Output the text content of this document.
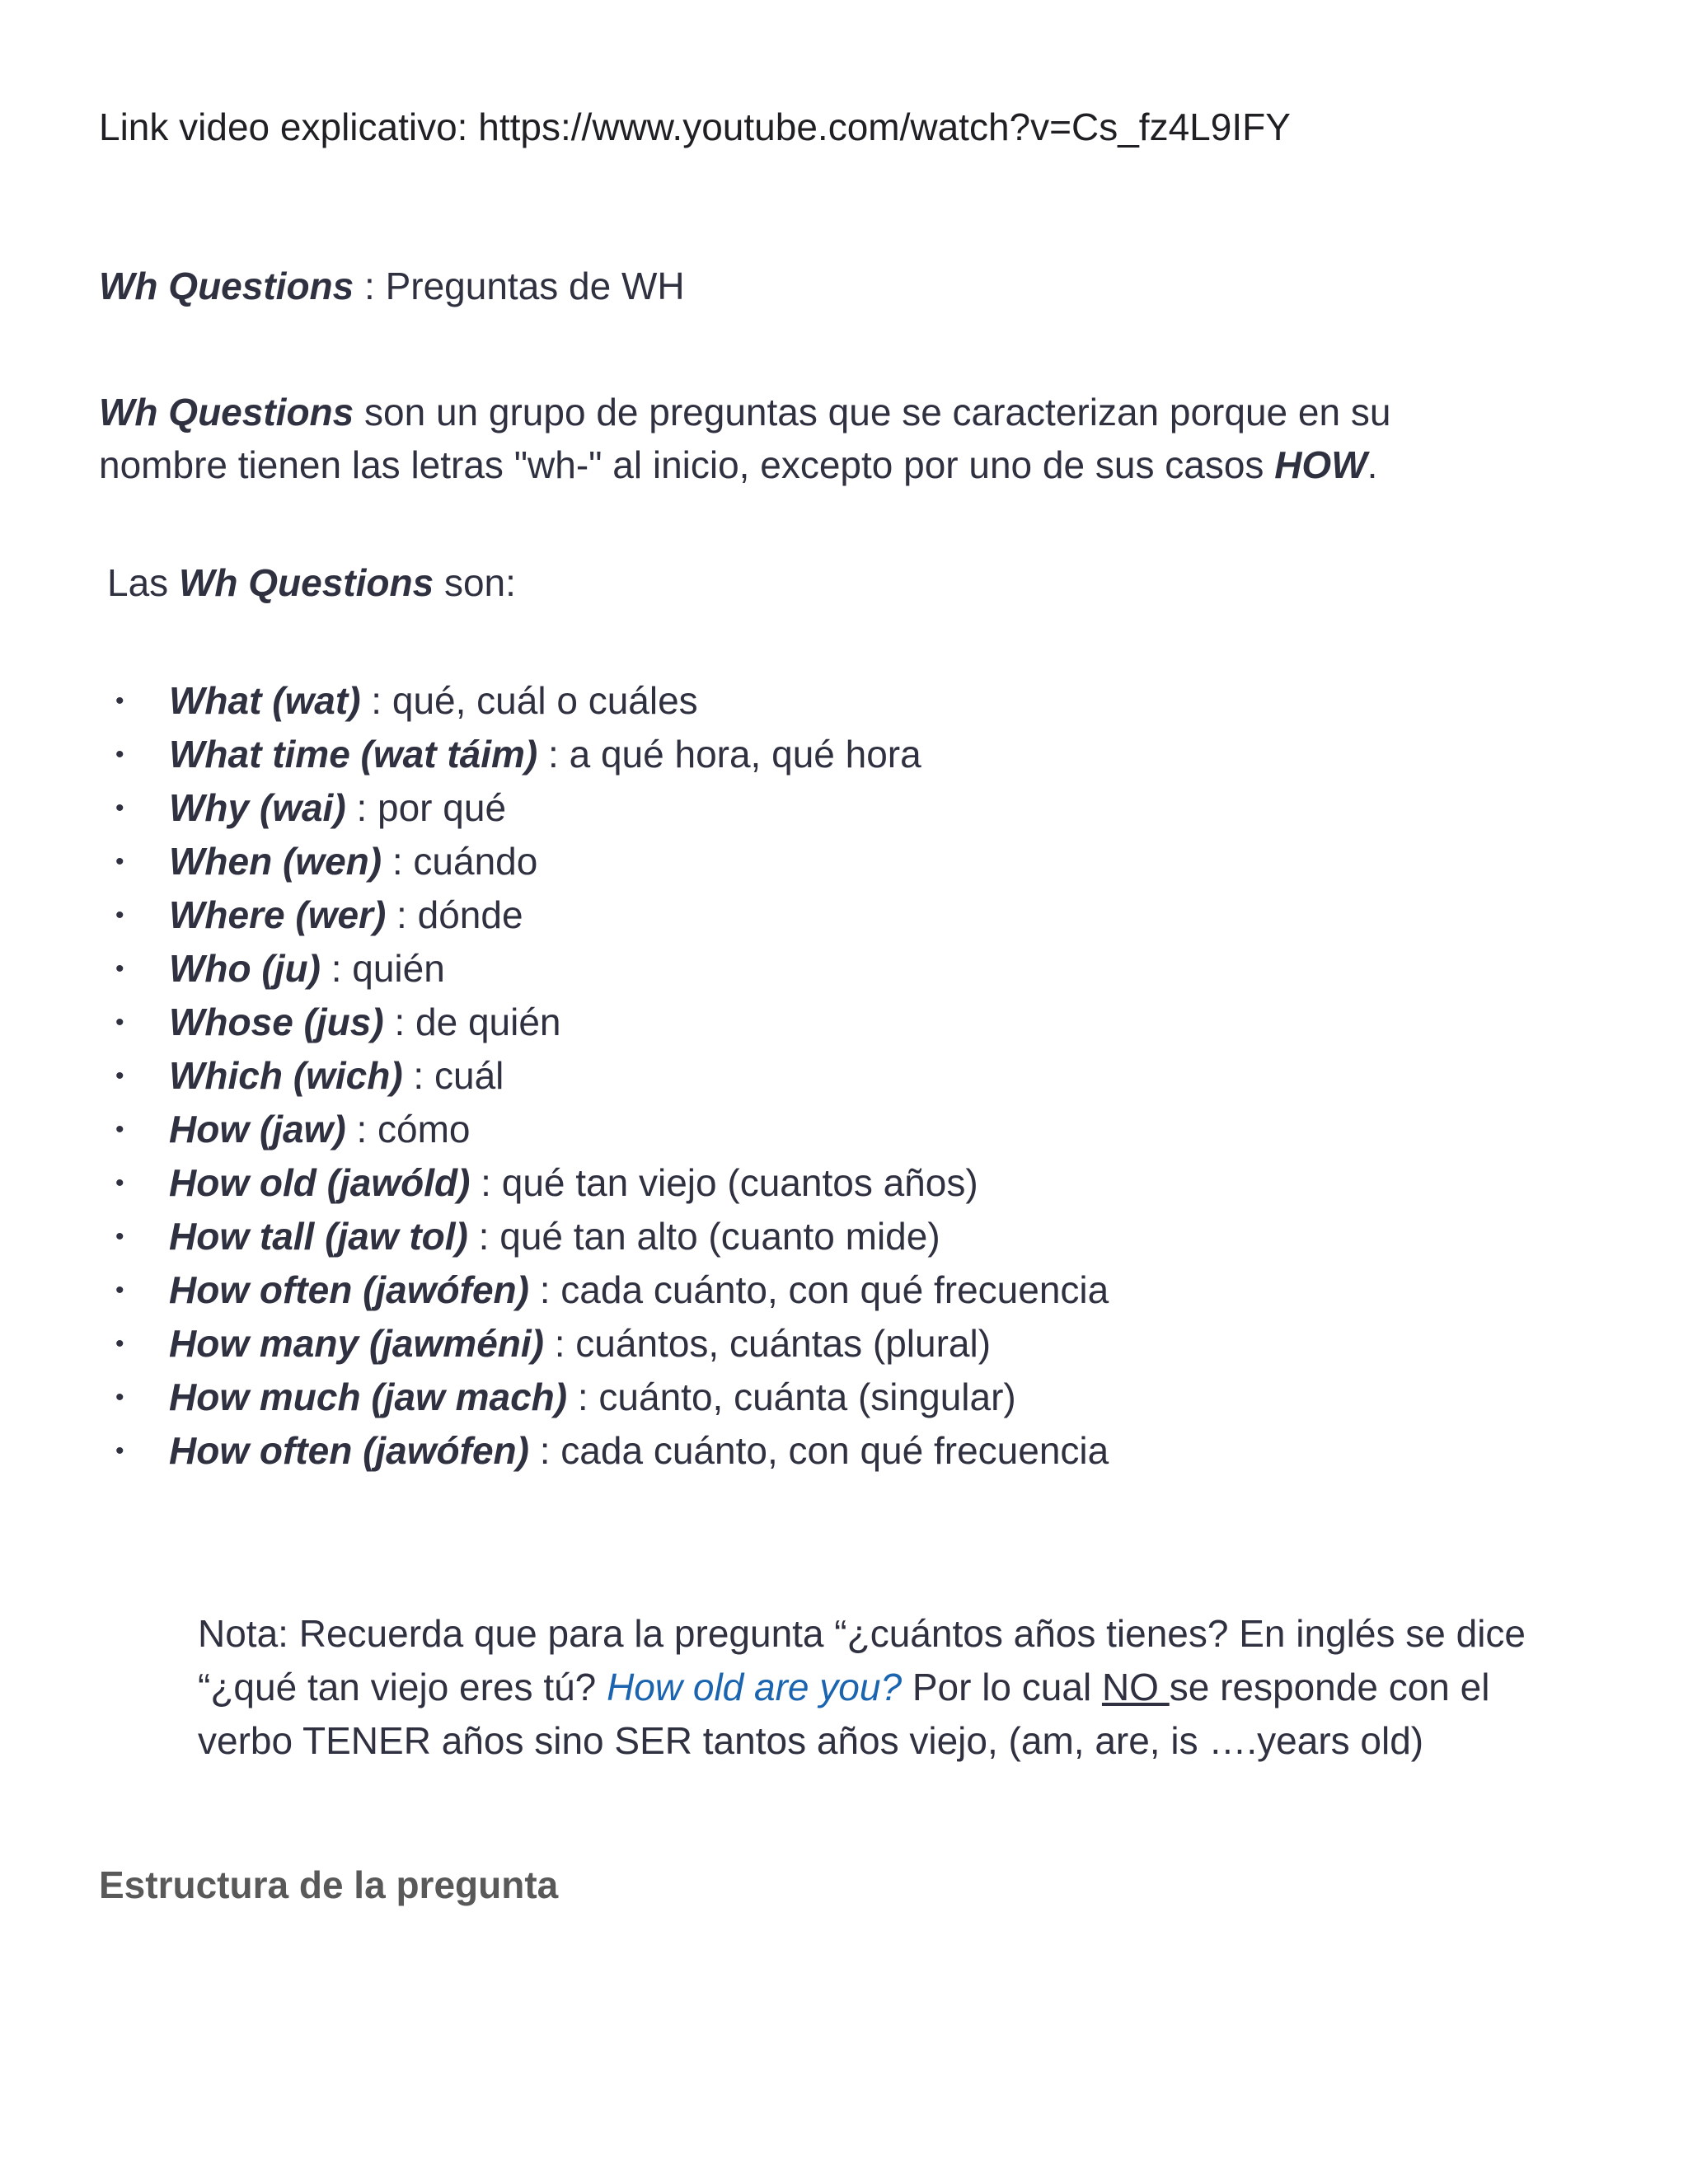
Link video explicativo: https://www.youtube.com/watch?v=Cs_fz4L9IFY
Wh Questions : Preguntas de WH
Wh Questions son un grupo de preguntas que se caracterizan porque en su
nombre tienen las letras "wh-" al inicio, excepto por uno de sus casos HOW.
Las Wh Questions son:
• What (wat) : qué, cuál o cuáles
• What time (wat táim) : a qué hora, qué hora
• Why (wai) : por qué
• When (wen) : cuándo
• Where (wer) : dónde
• Who (ju) : quién
• Whose (jus) : de quién
• Which (wich) : cuál
• How (jaw) : cómo
• How old (jawóld) : qué tan viejo (cuantos años)
• How tall (jaw tol) : qué tan alto (cuanto mide)
• How often (jawófen) : cada cuánto, con qué frecuencia
• How many (jawméni) : cuántos, cuántas (plural)
• How much (jaw mach) : cuánto, cuánta (singular)
• How often (jawófen) : cada cuánto, con qué frecuencia
Nota: Recuerda que para la pregunta “¿cuántos años tienes? En inglés se dice
“¿qué tan viejo eres tú? How old are you? Por lo cual NO se responde con el
verbo TENER años sino SER tantos años viejo, (am, are, is ….years old)
Estructura de la pregunta
